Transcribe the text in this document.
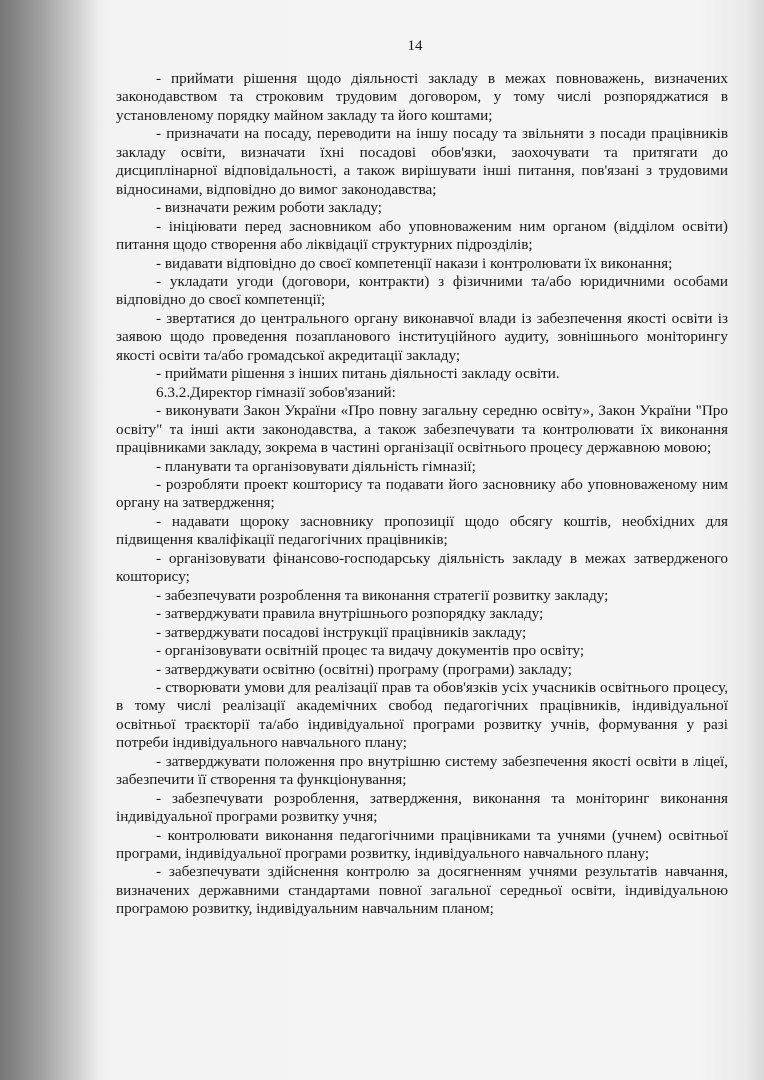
14

- приймати рішення щодо діяльності закладу в межах повноважень, визначених законодавством та строковим трудовим договором, у тому числі розпоряджатися в установленому порядку майном закладу та його коштами;

- призначати на посаду, переводити на іншу посаду та звільняти з посади працівників закладу освіти, визначати їхні посадові обов'язки, заохочувати та притягати до дисциплінарної відповідальності, а також вирішувати інші питання, пов'язані з трудовими відносинами, відповідно до вимог законодавства;

- визначати режим роботи закладу;

- ініціювати перед засновником або уповноваженим ним органом (відділом освіти) питання щодо створення або ліквідації структурних підрозділів;

- видавати відповідно до своєї компетенції накази і контролювати їх виконання;

- укладати угоди (договори, контракти) з фізичними та/або юридичними особами відповідно до своєї компетенції;

- звертатися до центрального органу виконавчої влади із забезпечення якості освіти із заявою щодо проведення позапланового інституційного аудиту, зовнішнього моніторингу якості освіти та/або громадської акредитації закладу;

- приймати рішення з інших питань діяльності закладу освіти.

6.3.2.Директор гімназії зобов'язаний:

- виконувати Закон України «Про повну загальну середню освіту», Закон України "Про освіту" та інші акти законодавства, а також забезпечувати та контролювати їх виконання працівниками закладу, зокрема в частині організації освітнього процесу державною мовою;

- планувати та організовувати діяльність гімназії;

- розробляти проект кошторису та подавати його засновнику або уповноваженому ним органу на затвердження;

- надавати щороку засновнику пропозиції щодо обсягу коштів, необхідних для підвищення кваліфікації педагогічних працівників;

- організовувати фінансово-господарську діяльність закладу в межах затвердженого кошторису;

- забезпечувати розроблення та виконання стратегії розвитку закладу;

- затверджувати правила внутрішнього розпорядку закладу;

- затверджувати посадові інструкції працівників закладу;

- організовувати освітній процес та видачу документів про освіту;

- затверджувати освітню (освітні) програму (програми) закладу;

- створювати умови для реалізації прав та обов'язків усіх учасників освітнього процесу, в тому числі реалізації академічних свобод педагогічних працівників, індивідуальної освітньої траєкторії та/або індивідуальної програми розвитку учнів, формування у разі потреби індивідуального навчального плану;

- затверджувати положення про внутрішню систему забезпечення якості освіти в ліцеї, забезпечити її створення та функціонування;

- забезпечувати розроблення, затвердження, виконання та моніторинг виконання індивідуальної програми розвитку учня;

- контролювати виконання педагогічними працівниками та учнями (учнем) освітньої програми, індивідуальної програми розвитку, індивідуального навчального плану;

- забезпечувати здійснення контролю за досягненням учнями результатів навчання, визначених державними стандартами повної загальної середньої освіти, індивідуальною програмою розвитку, індивідуальним навчальним планом;
